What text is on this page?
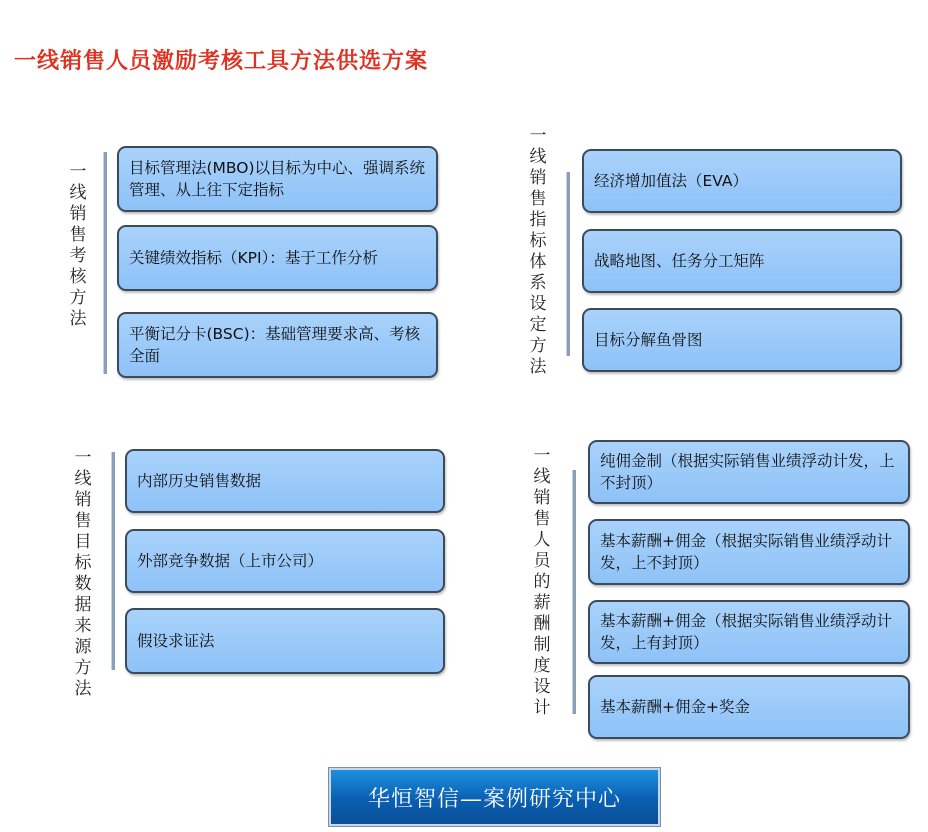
一线销售人员激励考核工具方法供选方案
一线销售考核方法
目标管理法(MBO)以目标为中心、强调系统管理、从上往下定指标
关键绩效指标（KPI）：基于工作分析
平衡记分卡(BSC)：基础管理要求高、考核全面
一线销售指标体系设定方法
经济增加值法（EVA）
战略地图、任务分工矩阵
目标分解鱼骨图
一线销售目标数据来源方法
内部历史销售数据
外部竞争数据（上市公司）
假设求证法
一线销售人员的薪酬制度设计
纯佣金制（根据实际销售业绩浮动计发，上不封顶）
基本薪酬+佣金（根据实际销售业绩浮动计发，上不封顶）
基本薪酬+佣金（根据实际销售业绩浮动计发，上有封顶）
基本薪酬+佣金+奖金
华恒智信—案例研究中心
